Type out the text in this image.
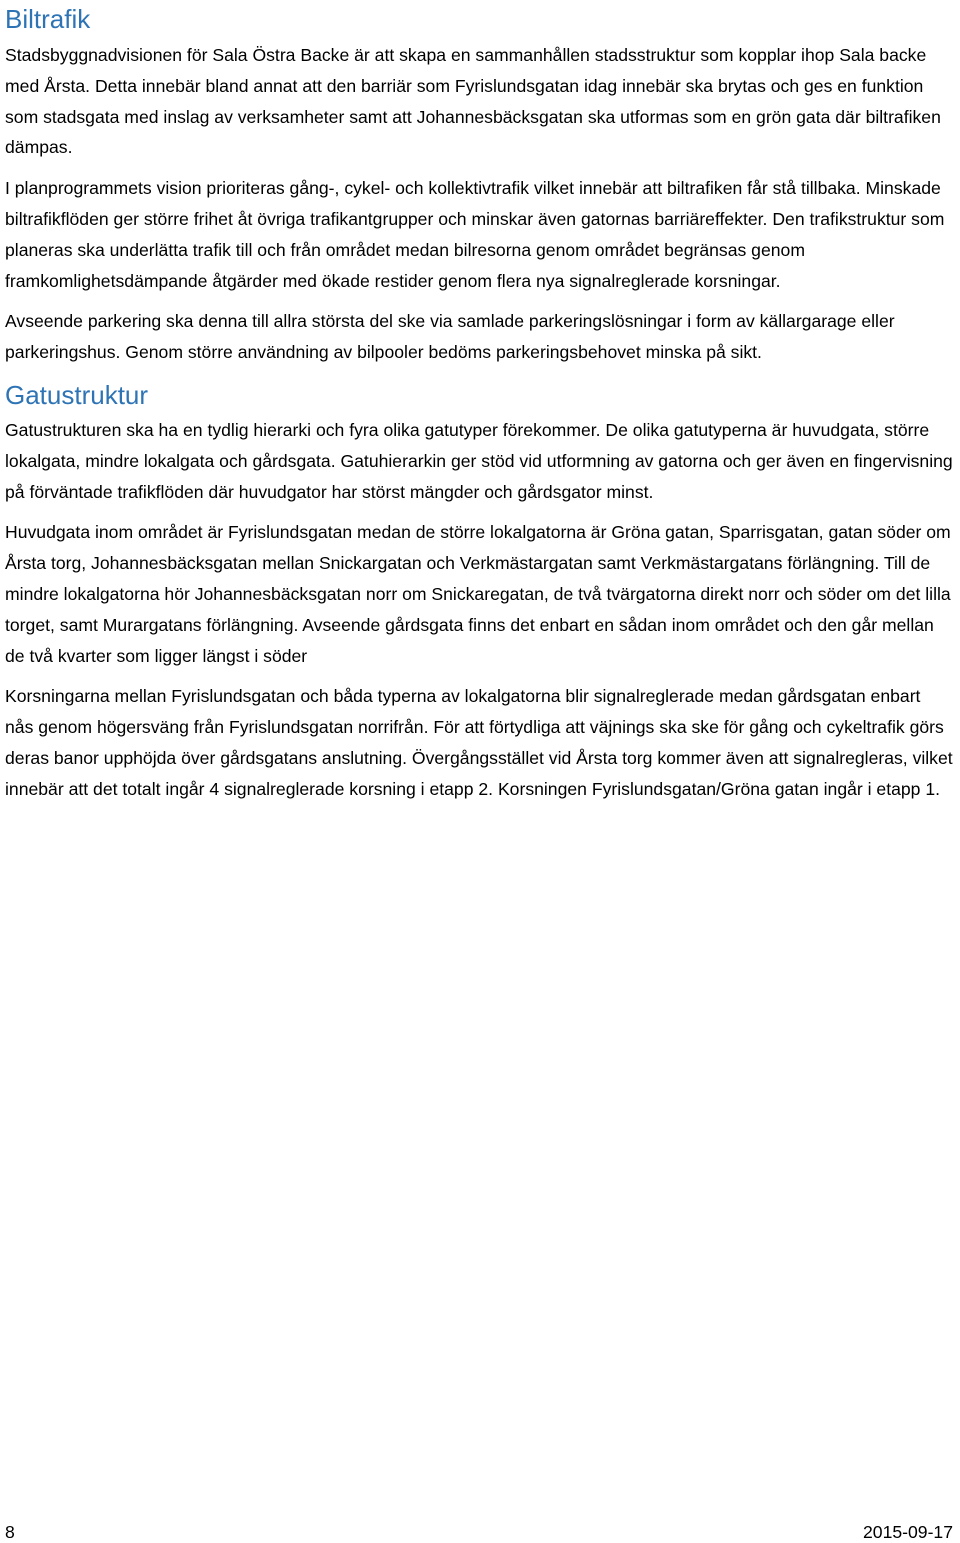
Biltrafik

Stadsbyggnadvisionen för Sala Östra Backe är att skapa en sammanhållen stadsstruktur som kopplar ihop Sala backe med Årsta. Detta innebär bland annat att den barriär som Fyrislundsgatan idag innebär ska brytas och ges en funktion som stadsgata med inslag av verksamheter samt att Johannesbäcksgatan ska utformas som en grön gata där biltrafiken dämpas.

I planprogrammets vision prioriteras gång-, cykel- och kollektivtrafik vilket innebär att biltrafiken får stå tillbaka. Minskade biltrafikflöden ger större frihet åt övriga trafikantgrupper och minskar även gatornas barriäreffekter. Den trafikstruktur som planeras ska underlätta trafik till och från området medan bilresorna genom området begränsas genom framkomlighetsdämpande åtgärder med ökade restider genom flera nya signalreglerade korsningar.

Avseende parkering ska denna till allra största del ske via samlade parkeringslösningar i form av källargarage eller parkeringshus. Genom större användning av bilpooler bedöms parkeringsbehovet minska på sikt.

Gatustruktur

Gatustrukturen ska ha en tydlig hierarki och fyra olika gatutyper förekommer. De olika gatutyperna är huvudgata, större lokalgata, mindre lokalgata och gårdsgata. Gatuhierarkin ger stöd vid utformning av gatorna och ger även en fingervisning på förväntade trafikflöden där huvudgator har störst mängder och gårdsgator minst.

Huvudgata inom området är Fyrislundsgatan medan de större lokalgatorna är Gröna gatan, Sparrisgatan, gatan söder om Årsta torg, Johannesbäcksgatan mellan Snickargatan och Verkmästargatan samt Verkmästargatans förlängning. Till de mindre lokalgatorna hör Johannesbäcksgatan norr om Snickaregatan, de två tvärgatorna direkt norr och söder om det lilla torget, samt Murargatans förlängning. Avseende gårdsgata finns det enbart en sådan inom området och den går mellan de två kvarter som ligger längst i söder

Korsningarna mellan Fyrislundsgatan och båda typerna av lokalgatorna blir signalreglerade medan gårdsgatan enbart nås genom högersväng från Fyrislundsgatan norrifrån. För att förtydliga att väjnings ska ske för gång och cykeltrafik görs deras banor upphöjda över gårdsgatans anslutning. Övergångsstället vid Årsta torg kommer även att signalregleras, vilket innebär att det totalt ingår 4 signalreglerade korsning i etapp 2. Korsningen Fyrislundsgatan/Gröna gatan ingår i etapp 1.

8	2015-09-17
